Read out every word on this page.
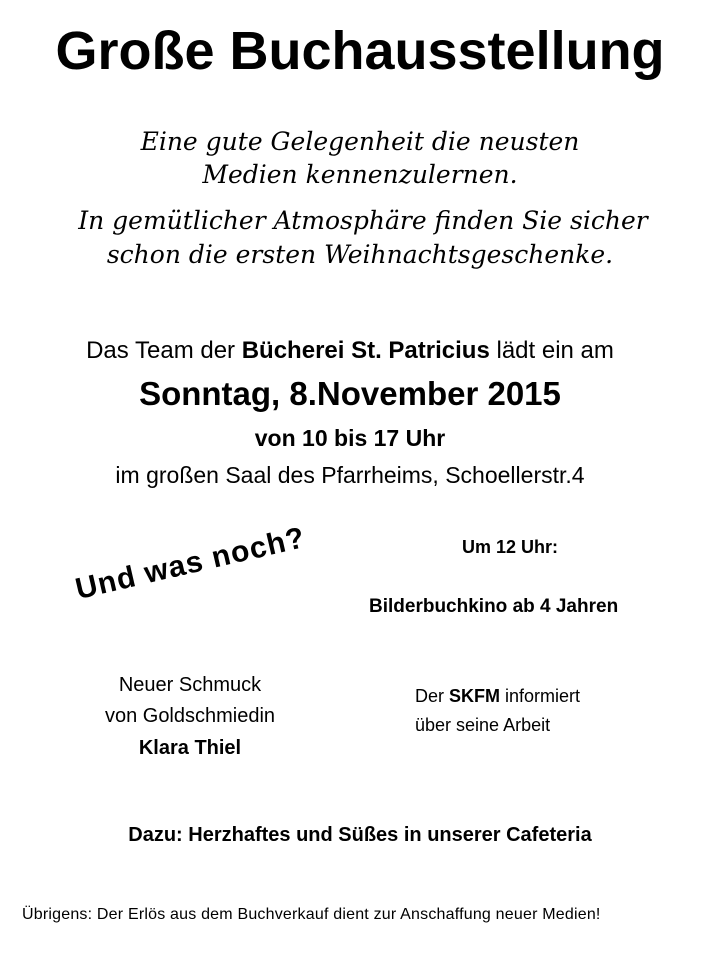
Große Buchausstellung
Eine gute Gelegenheit die neusten
Medien kennenzulernen.
In gemütlicher Atmosphäre finden Sie sicher
schon die ersten Weihnachtsgeschenke.
Das Team der Bücherei St. Patricius lädt ein am
Sonntag, 8.November 2015
von 10 bis 17 Uhr
im großen Saal des Pfarrheims, Schoellerstr.4
Und was noch?	Um 12 Uhr:
Bilderbuchkino ab 4 Jahren
Neuer Schmuck
von Goldschmiedin
Klara Thiel
Der SKFM informiert
über seine Arbeit
Dazu: Herzhaftes und Süßes in unserer Cafeteria
Übrigens: Der Erlös aus dem Buchverkauf dient zur Anschaffung neuer Medien!
